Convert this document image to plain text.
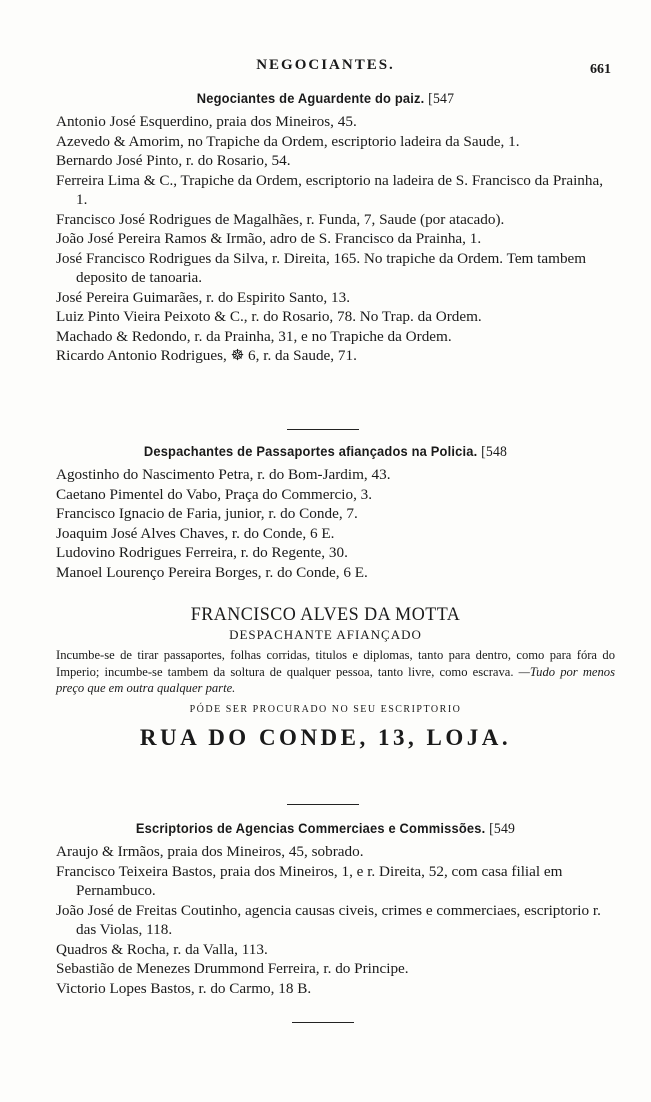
NEGOCIANTES.	661
Negociantes de Aguardente do paiz. [547

Antonio José Esquerdino, praia dos Mineiros, 45.

Azevedo & Amorim, no Trapiche da Ordem, escriptorio ladeira da Saude, 1.

Bernardo José Pinto, r. do Rosario, 54.

Ferreira Lima & C., Trapiche da Ordem, escriptorio na ladeira de S. Francisco da Prainha, 1.

Francisco José Rodrigues de Magalhães, r. Funda, 7, Saude (por atacado).

João José Pereira Ramos & Irmão, adro de S. Francisco da Prainha, 1.

José Francisco Rodrigues da Silva, r. Direita, 165. No trapiche da Ordem. Tem tambem deposito de tanoaria.

José Pereira Guimarães, r. do Espirito Santo, 13.

Luiz Pinto Vieira Peixoto & C., r. do Rosario, 78. No Trap. da Ordem.

Machado & Redondo, r. da Prainha, 31, e no Trapiche da Ordem.

Ricardo Antonio Rodrigues, ☸ 6, r. da Saude, 71.

Despachantes de Passaportes afiançados na Policia. [548

Agostinho do Nascimento Petra, r. do Bom-Jardim, 43.

Caetano Pimentel do Vabo, Praça do Commercio, 3.

Francisco Ignacio de Faria, junior, r. do Conde, 7.

Joaquim José Alves Chaves, r. do Conde, 6 E.

Ludovino Rodrigues Ferreira, r. do Regente, 30.

Manoel Lourenço Pereira Borges, r. do Conde, 6 E.

FRANCISCO ALVES DA MOTTA
DESPACHANTE AFIANÇADO
Incumbe-se de tirar passaportes, folhas corridas, titulos e diplomas, tanto para dentro, como para fóra do Imperio; incumbe-se tambem da soltura de qualquer pessoa, tanto livre, como escrava. —Tudo por menos preço que em outra qualquer parte.
PÓDE SER PROCURADO NO SEU ESCRIPTORIO
RUA DO CONDE, 13, LOJA.
Escriptorios de Agencias Commerciaes e Commissões. [549

Araujo & Irmãos, praia dos Mineiros, 45, sobrado.

Francisco Teixeira Bastos, praia dos Mineiros, 1, e r. Direita, 52, com casa filial em Pernambuco.

João José de Freitas Coutinho, agencia causas civeis, crimes e commerciaes, escriptorio r. das Violas, 118.

Quadros & Rocha, r. da Valla, 113.

Sebastião de Menezes Drummond Ferreira, r. do Principe.

Victorio Lopes Bastos, r. do Carmo, 18 B.
